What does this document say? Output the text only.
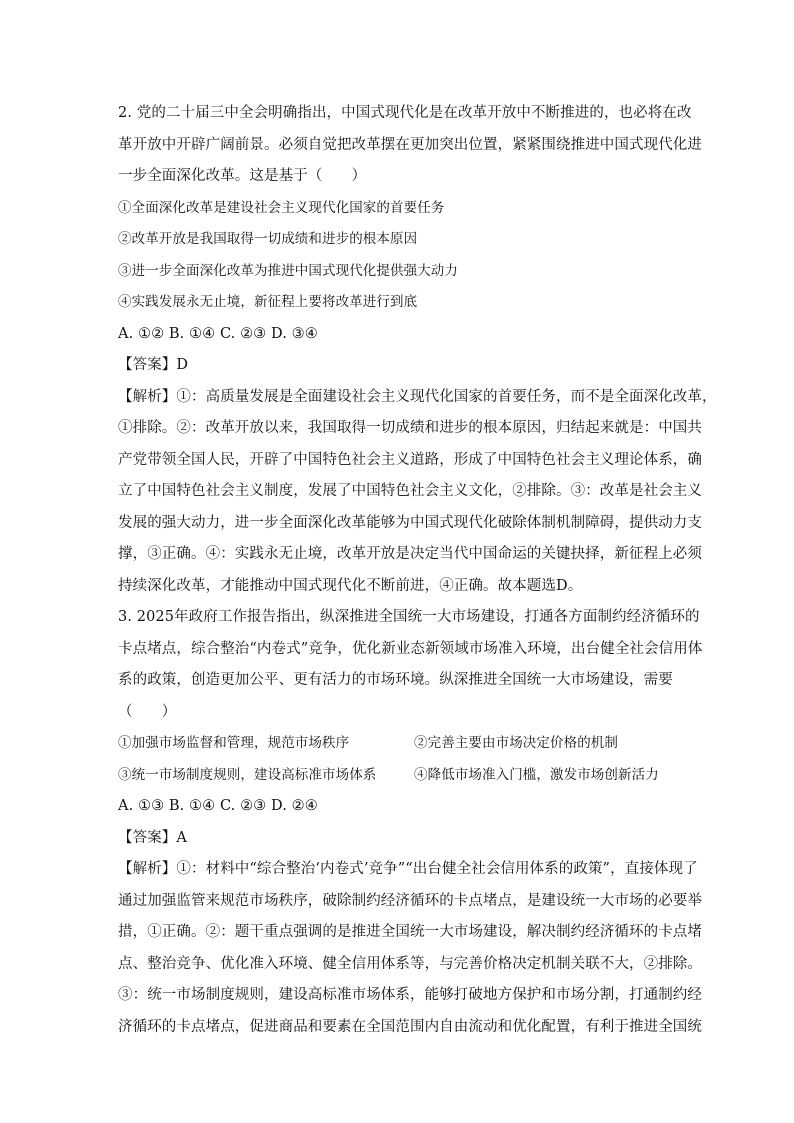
2. 党的二十届三中全会明确指出，中国式现代化是在改革开放中不断推进的，也必将在改
革开放中开辟广阔前景。必须自觉把改革摆在更加突出位置，紧紧围绕推进中国式现代化进
一步全面深化改革。这是基于（　　）
①全面深化改革是建设社会主义现代化国家的首要任务
②改革开放是我国取得一切成绩和进步的根本原因
③进一步全面深化改革为推进中国式现代化提供强大动力
④实践发展永无止境，新征程上要将改革进行到底
A. ①② B. ①④ C. ②③ D. ③④
【答案】D
【解析】①：高质量发展是全面建设社会主义现代化国家的首要任务，而不是全面深化改革，
①排除。②：改革开放以来，我国取得一切成绩和进步的根本原因，归结起来就是：中国共
产党带领全国人民，开辟了中国特色社会主义道路，形成了中国特色社会主义理论体系，确
立了中国特色社会主义制度，发展了中国特色社会主义文化，②排除。③：改革是社会主义
发展的强大动力，进一步全面深化改革能够为中国式现代化破除体制机制障碍，提供动力支
撑，③正确。④：实践永无止境，改革开放是决定当代中国命运的关键抉择，新征程上必须
持续深化改革，才能推动中国式现代化不断前进，④正确。故本题选D。
3. 2025年政府工作报告指出，纵深推进全国统一大市场建设，打通各方面制约经济循环的
卡点堵点，综合整治“内卷式”竞争，优化新业态新领域市场准入环境，出台健全社会信用体
系的政策，创造更加公平、更有活力的市场环境。纵深推进全国统一大市场建设，需要
（　　）
①加强市场监督和管理，规范市场秩序	②完善主要由市场决定价格的机制
③统一市场制度规则，建设高标准市场体系	④降低市场准入门槛，激发市场创新活力
A. ①③ B. ①④ C. ②③ D. ②④
【答案】A
【解析】①：材料中“综合整治‘内卷式’竞争”“出台健全社会信用体系的政策”，直接体现了
通过加强监管来规范市场秩序，破除制约经济循环的卡点堵点，是建设统一大市场的必要举
措，①正确。②：题干重点强调的是推进全国统一大市场建设，解决制约经济循环的卡点堵
点、整治竞争、优化准入环境、健全信用体系等，与完善价格决定机制关联不大，②排除。
③：统一市场制度规则，建设高标准市场体系，能够打破地方保护和市场分割，打通制约经
济循环的卡点堵点，促进商品和要素在全国范围内自由流动和优化配置，有利于推进全国统
